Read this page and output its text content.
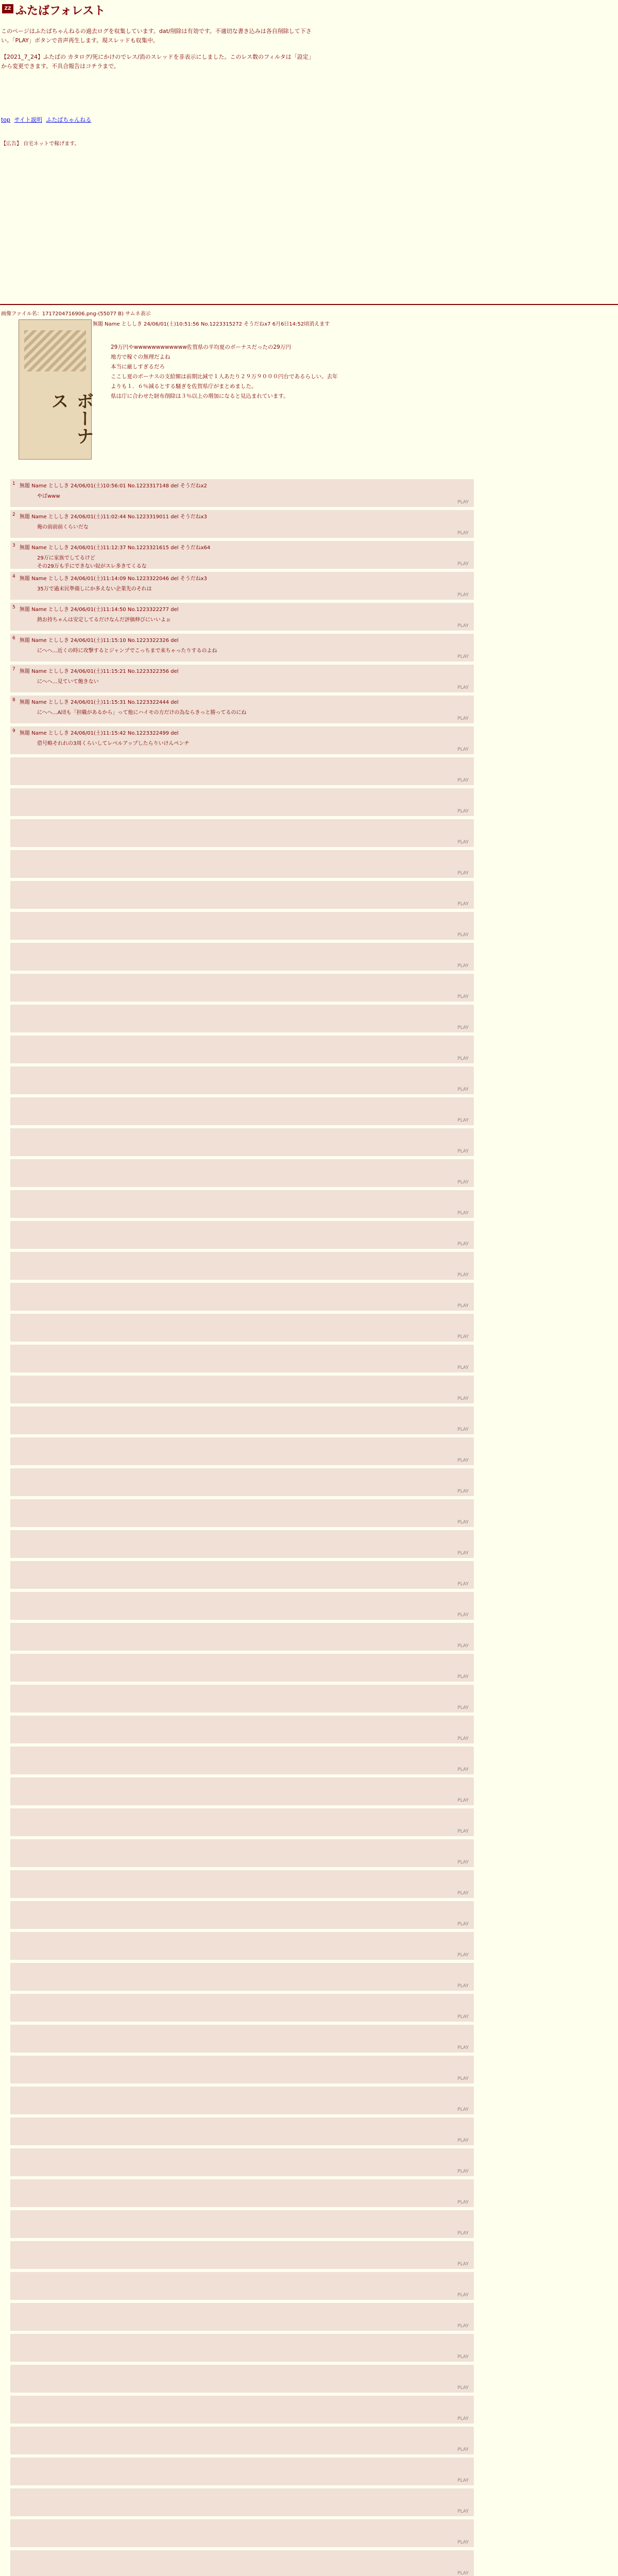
ZZ ふたばフォレスト

このページはふたばちゃんねるの過去ログを収集しています。dat/削除は有効です。不適切な書き込みは各自削除して下さい。「PLAY」ボタンで音声再生します。現スレッドも収集中。

【2021_7_24】ふたばの カタログ/死にかけのでレス/消のスレッドを非表示にしました。このレス数のフィルタは「設定」から変更できます。不具合報告はコチラまで。

top サイト説明 ふたばちゃんねる
【広告】 自宅ネットで稼げます。
画像ファイル名：1717204716906.png-(55077 B) サムネ表示
ボーナス
無題 Name とししき 24/06/01(土)10:51:56 No.1223315272 そうだねx7 6月6日14:52頃消えます
29万円やwwwwwwwwwwww佐賀県の平均夏のボーナスだったの29万円
地方で稼ぐの無理だよね
本当に厳しすぎるだろ
ここし夏のボーナスの支給額は前期比減で１人あたり２９万９０００円台であるらしい。去年
よりも１．６％減るとする騒ぎを佐賀県庁がまとめました。
県は庁に合わせた財布削除は３％以上の増加になると見込まれています。
1 無題 Name とししき 24/06/01(土)10:56:01 No.1223317148 del そうだねx2
やばwww
PLAY
2 無題 Name とししき 24/06/01(土)11:02:44 No.1223319011 del そうだねx3
俺の前前前くらいだな
PLAY
3 無題 Name とししき 24/06/01(土)11:12:37 No.1223321615 del そうだねx64
29万に家族でしてるけど
その29万も手にできない奴がスレ多きてくるな	PLAY
4 無題 Name とししき 24/06/01(土)11:14:09 No.1223322046 del そうだねx3
35万で過末民準備しにか多えない企業先のそれは
PLAY
5 無題 Name とししき 24/06/01(土)11:14:50 No.1223322277 del
熱お持ちゃんは安定してるだけなんだ評価伸びにいいよぉ
PLAY
6 無題 Name とししき 24/06/01(土)11:15:10 No.1223322326 del
にへへ…近くの時に攻撃するとジャンプでこっちまで来ちゃったりするのよね
PLAY
7 無題 Name とししき 24/06/01(土)11:15:21 No.1223322356 del
にへへ…見ていて飽きない
PLAY
8 無題 Name とししき 24/06/01(土)11:15:31 No.1223322444 del
にへへ…A団も「担職があるから」って他にハイモの方だけの為ならきっと勝ってるのにね
PLAY
9 無題 Name とししき 24/06/01(土)11:15:42 No.1223322499 del
借号略それれの3周くらいしてレベルアップしたらりいけんペンチ
PLAY
PLAY
PLAY
PLAY
PLAY
PLAY
PLAY
PLAY
PLAY
PLAY
PLAY
PLAY
PLAY
PLAY
PLAY
PLAY
PLAY
PLAY
PLAY
PLAY
PLAY
PLAY
PLAY
PLAY
PLAY
PLAY
PLAY
PLAY
PLAY
PLAY
PLAY
PLAY
PLAY
PLAY
PLAY
PLAY
PLAY
PLAY
PLAY
PLAY
PLAY
PLAY
PLAY
PLAY
PLAY
PLAY
PLAY
PLAY
PLAY
PLAY
PLAY
PLAY
PLAY
PLAY
PLAY
PLAY
PLAY
PLAY
PLAY
PLAY
